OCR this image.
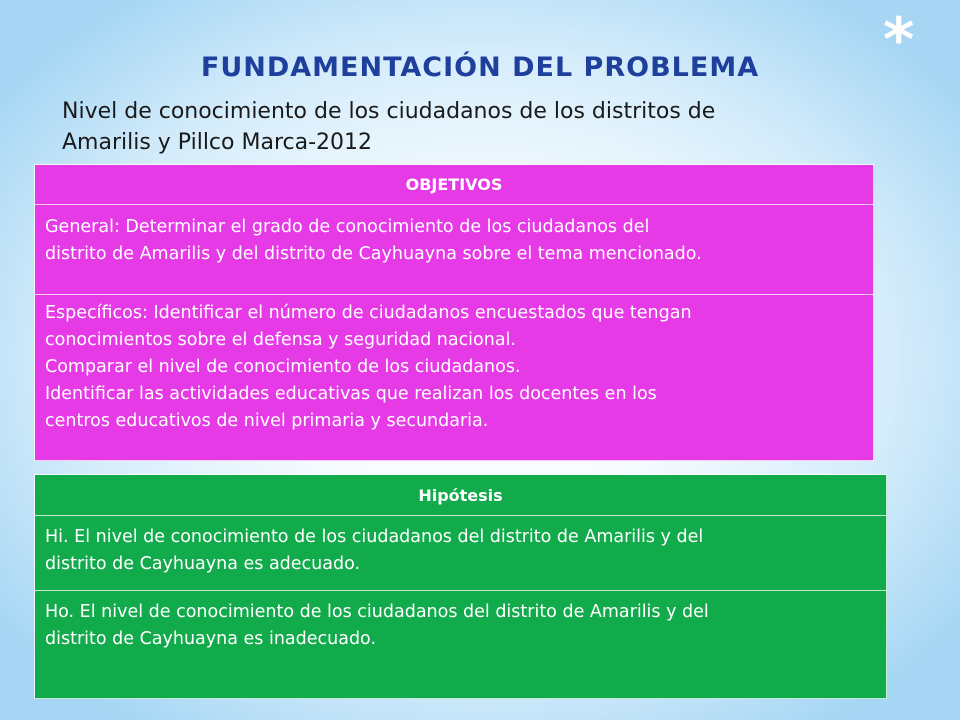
*
FUNDAMENTACIÓN DEL PROBLEMA
Nivel de conocimiento de los ciudadanos de los distritos de
Amarilis y Pillco Marca-2012
OBJETIVOS

General: Determinar el grado de conocimiento de los ciudadanos del
distrito de Amarilis y del distrito de Cayhuayna sobre el tema mencionado.

Específicos: Identificar el número de ciudadanos encuestados que tengan
conocimientos sobre el defensa y seguridad nacional.
Comparar el nivel de conocimiento de los ciudadanos.
Identificar las actividades educativas que realizan los docentes en los
centros educativos de nivel primaria y secundaria.
Hipótesis

Hi. El nivel de conocimiento de los ciudadanos del distrito de Amarilis y del
distrito de Cayhuayna es adecuado.

Ho. El nivel de conocimiento de los ciudadanos del distrito de Amarilis y del
distrito de Cayhuayna es inadecuado.
